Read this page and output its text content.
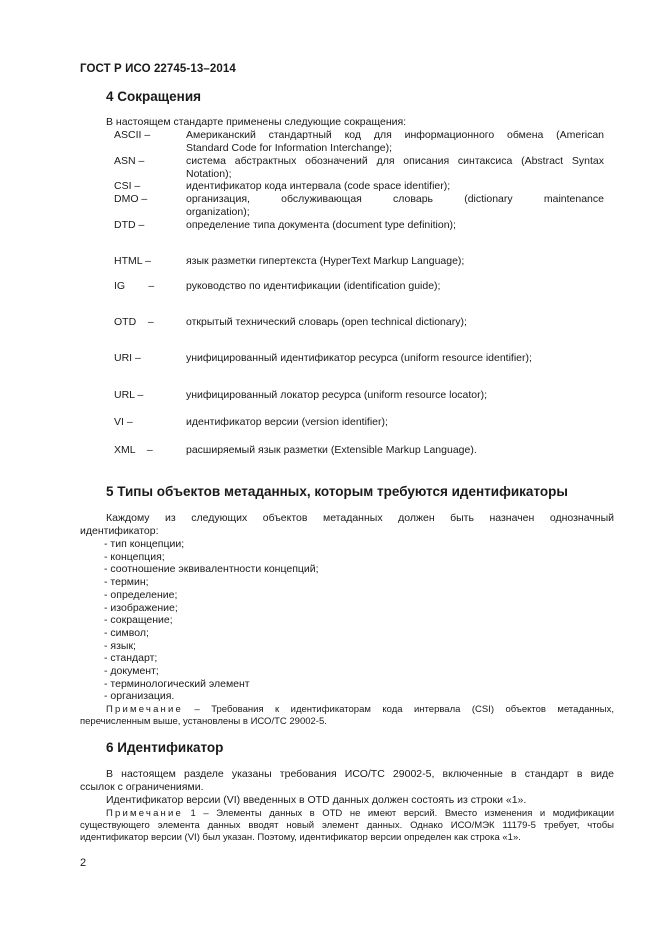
ГОСТ Р ИСО 22745-13–2014
4 Сокращения
В настоящем стандарте применены следующие сокращения:
ASCII –	Американский стандартный код для информационного обмена (American
Standard Code for Information Interchange);
ASN –	система абстрактных обозначений для описания синтаксиса (Abstract Syntax
Notation);
CSI –	идентификатор кода интервала (code space identifier);
DMO –	организация, обслуживающая словарь (dictionary maintenance
organization);
DTD –	определение типа документа (document type definition);
HTML –	язык разметки гипертекста (HyperText Markup Language);
IG        –	руководство по идентификации (identification guide);
OTD    –	открытый технический словарь (open technical dictionary);
URI –	унифицированный идентификатор ресурса (uniform resource identifier);
URL –	унифицированный локатор ресурса (uniform resource locator);
VI –	идентификатор версии (version identifier);
XML    –	расширяемый язык разметки (Extensible Markup Language).
5 Типы объектов метаданных, которым требуются идентификаторы
Каждому из следующих объектов метаданных должен быть назначен однозначный
идентификатор:
- тип концепции;
- концепция;
- соотношение эквивалентности концепций;
- термин;
- определение;
- изображение;
- сокращение;
- символ;
- язык;
- стандарт;
- документ;
- терминологический элемент
- организация.
Примечание – Требования к идентификаторам кода интервала (CSI) объектов метаданных,
перечисленным выше, установлены в ИСО/ТС 29002-5.
6 Идентификатор
В настоящем разделе указаны требования ИСО/ТС 29002-5, включенные в стандарт в виде
ссылок с ограничениями.
Идентификатор версии (VI) введенных в OTD данных должен состоять из строки «1».
Примечание 1 – Элементы данных в OTD не имеют версий. Вместо изменения и модификации
существующего элемента данных вводят новый элемент данных. Однако ИСО/МЭК 11179-5 требует, чтобы
идентификатор версии (VI) был указан. Поэтому, идентификатор версии определен как строка «1».
2
